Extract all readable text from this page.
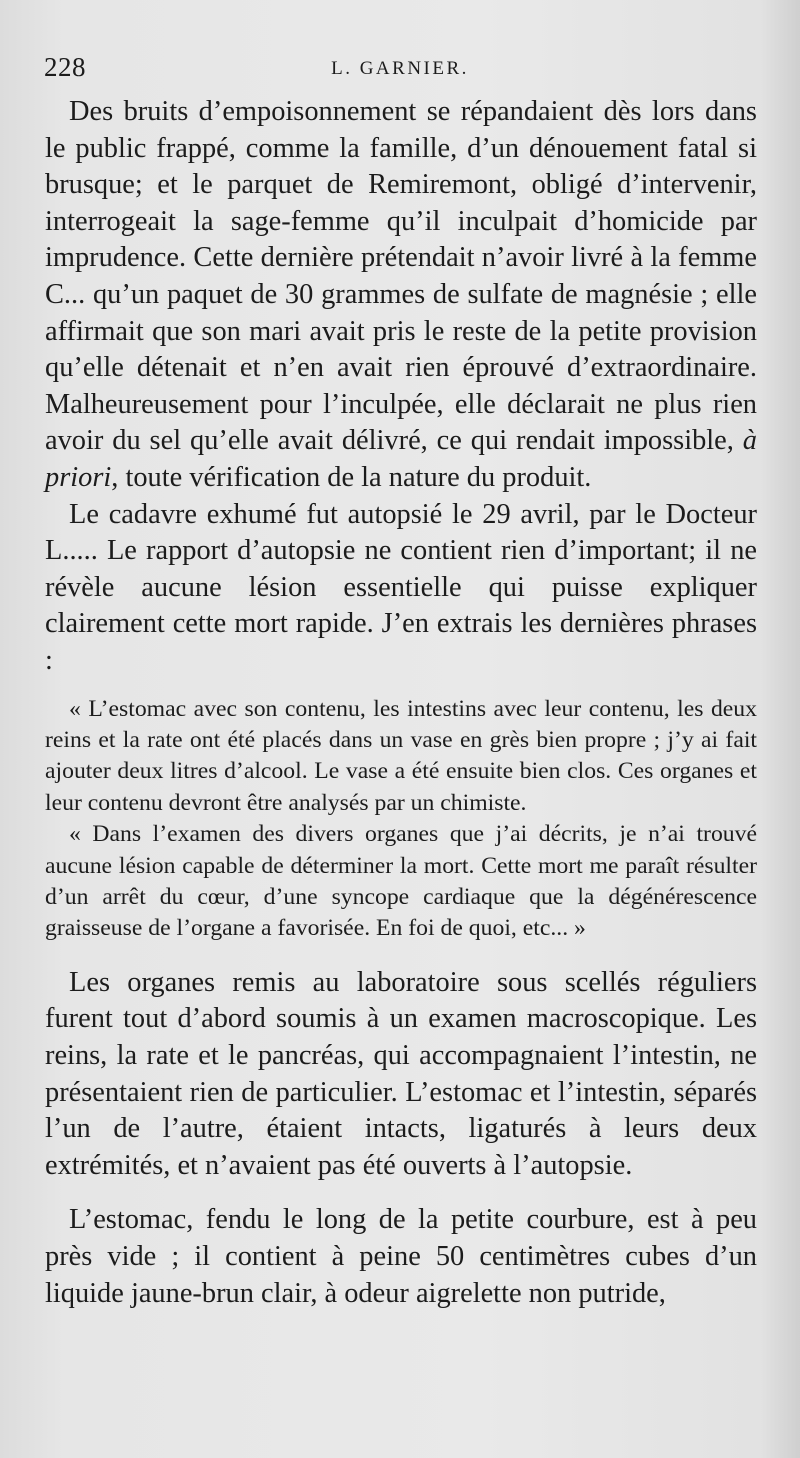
228	L. GARNIER.

Des bruits d’empoisonnement se répandaient dès lors dans le public frappé, comme la famille, d’un dénouement fatal si brusque; et le parquet de Remiremont, obligé d’intervenir, interrogeait la sage-femme qu’il inculpait d’homicide par imprudence. Cette dernière prétendait n’avoir livré à la femme C... qu’un paquet de 30 grammes de sulfate de magnésie ; elle affirmait que son mari avait pris le reste de la petite provision qu’elle détenait et n’en avait rien éprouvé d’extraordinaire. Malheureusement pour l’inculpée, elle déclarait ne plus rien avoir du sel qu’elle avait délivré, ce qui rendait impossible, à priori, toute vérification de la nature du produit.

Le cadavre exhumé fut autopsié le 29 avril, par le Docteur L..... Le rapport d’autopsie ne contient rien d’important; il ne révèle aucune lésion essentielle qui puisse expliquer clairement cette mort rapide. J’en extrais les dernières phrases :

« L’estomac avec son contenu, les intestins avec leur contenu, les deux reins et la rate ont été placés dans un vase en grès bien propre ; j’y ai fait ajouter deux litres d’alcool. Le vase a été ensuite bien clos. Ces organes et leur contenu devront être analysés par un chimiste.

« Dans l’examen des divers organes que j’ai décrits, je n’ai trouvé aucune lésion capable de déterminer la mort. Cette mort me paraît résulter d’un arrêt du cœur, d’une syncope cardiaque que la dégénérescence graisseuse de l’organe a favorisée. En foi de quoi, etc... »

Les organes remis au laboratoire sous scellés réguliers furent tout d’abord soumis à un examen macroscopique. Les reins, la rate et le pancréas, qui accompagnaient l’intestin, ne présentaient rien de particulier. L’estomac et l’intestin, séparés l’un de l’autre, étaient intacts, ligaturés à leurs deux extrémités, et n’avaient pas été ouverts à l’autopsie.

L’estomac, fendu le long de la petite courbure, est à peu près vide ; il contient à peine 50 centimètres cubes d’un liquide jaune-brun clair, à odeur aigrelette non putride,
